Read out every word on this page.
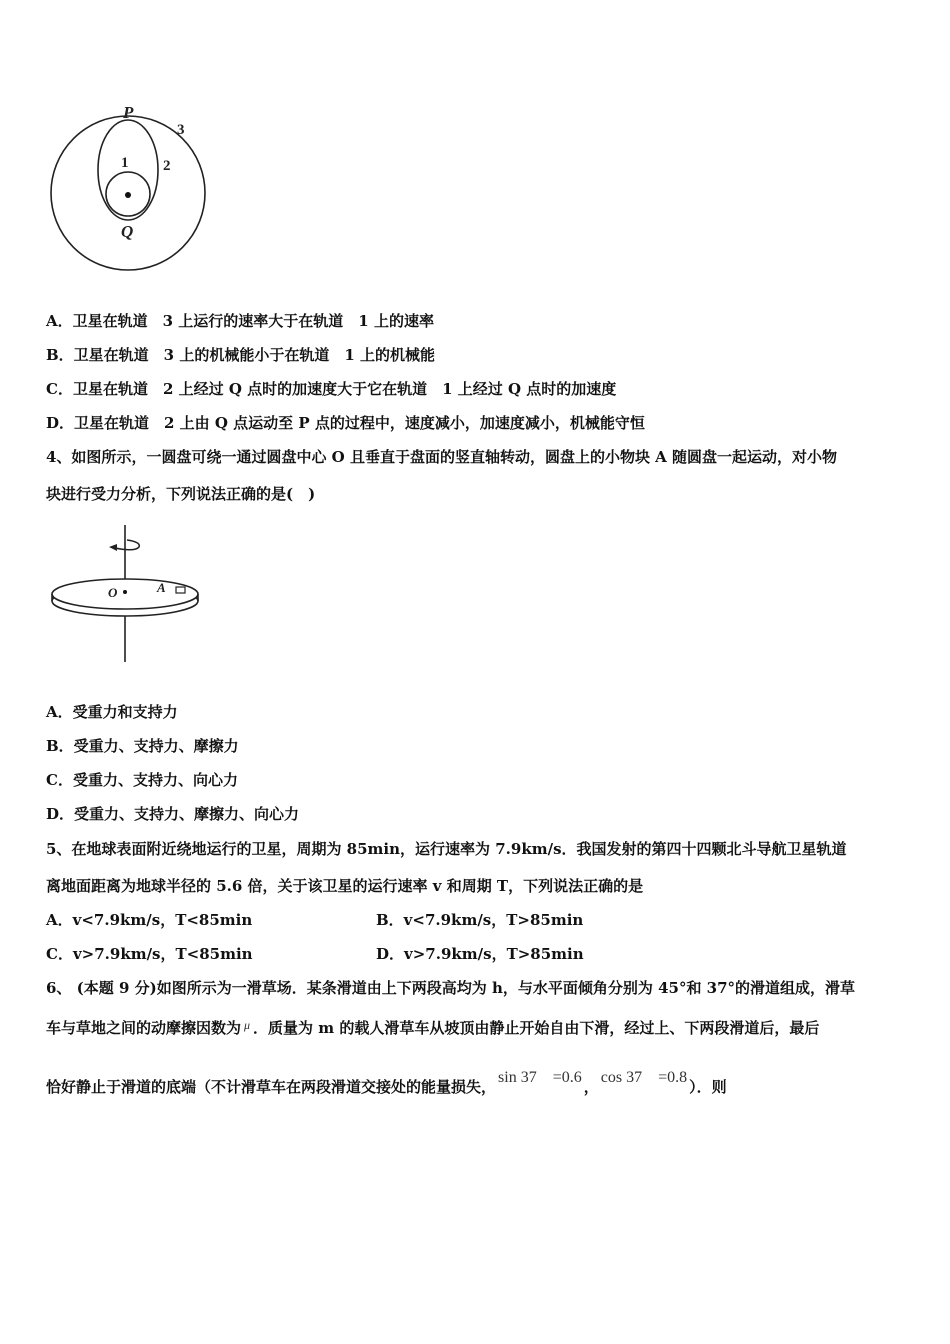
P
3
1 2
Q
A．卫星在轨道　3 上运行的速率大于在轨道　1 上的速率
B．卫星在轨道　3 上的机械能小于在轨道　1 上的机械能
C．卫星在轨道　2 上经过 Q 点时的加速度大于它在轨道　1 上经过 Q 点时的加速度
D．卫星在轨道　2 上由 Q 点运动至 P 点的过程中，速度减小，加速度减小，机械能守恒
4、如图所示，一圆盘可绕一通过圆盘中心 O 且垂直于盘面的竖直轴转动，圆盘上的小物块 A 随圆盘一起运动，对小物
块进行受力分析，下列说法正确的是(　)
O	A
A．受重力和支持力
B．受重力、支持力、摩擦力
C．受重力、支持力、向心力
D．受重力、支持力、摩擦力、向心力
5、在地球表面附近绕地运行的卫星，周期为 85min，运行速率为 7.9km/s．我国发射的第四十四颗北斗导航卫星轨道
离地面距离为地球半径的 5.6 倍，关于该卫星的运行速率 v 和周期 T，下列说法正确的是
A．v<7.9km/s，T<85min	B．v<7.9km/s，T>85min
C．v>7.9km/s，T<85min	D．v>7.9km/s，T>85min
6、 (本题 9 分)如图所示为一滑草场．某条滑道由上下两段高均为 h，与水平面倾角分别为 45°和 37°的滑道组成，滑草
车与草地之间的动摩擦因数为 $^\mu$ ．质量为 m 的载人滑草车从坡顶由静止开始自由下滑，经过上、下两段滑道后，最后
恰好静止于滑道的底端（不计滑草车在两段滑道交接处的能量损失，sin 37　=0.6，cos 37　=0.8）．则
